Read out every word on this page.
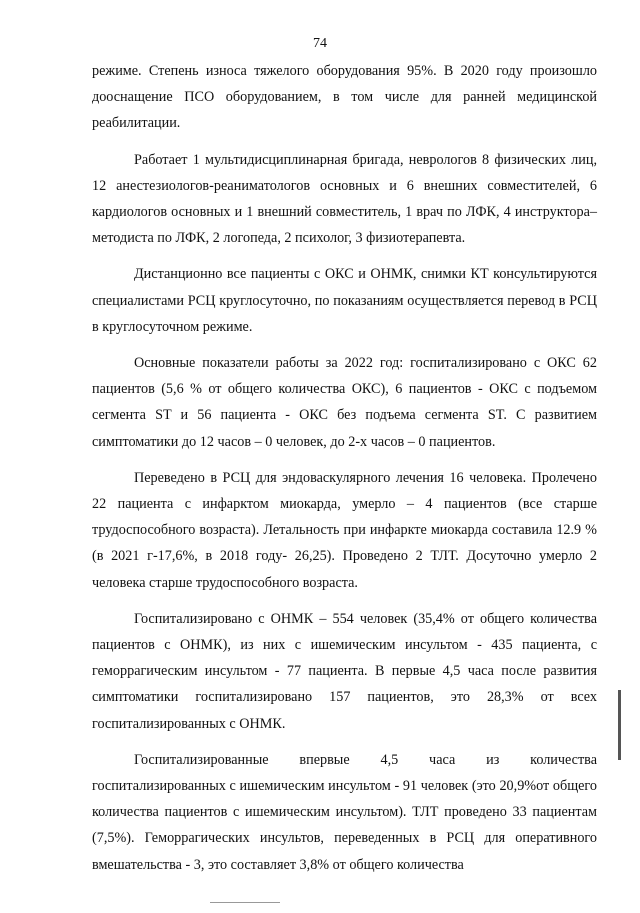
74

режиме. Степень износа тяжелого оборудования 95%. В 2020 году произошло дооснащение ПСО оборудованием, в том числе для ранней медицинской реабилитации.

Работает 1 мультидисциплинарная бригада, неврологов 8 физических лиц, 12 анестезиологов-реаниматологов основных и 6 внешних совместителей, 6 кардиологов основных и 1 внешний совместитель, 1 врач по ЛФК, 4 инструктора–методиста по ЛФК, 2 логопеда, 2 психолог, 3 физиотерапевта.

Дистанционно все пациенты с ОКС и ОНМК, снимки КТ консультируются специалистами РСЦ круглосуточно, по показаниям осуществляется перевод в РСЦ в круглосуточном режиме.

Основные показатели работы за 2022 год: госпитализировано с ОКС 62 пациентов (5,6 % от общего количества ОКС), 6 пациентов - ОКС с подъемом сегмента ST и 56 пациента - ОКС без подъема сегмента ST. С развитием симптоматики до 12 часов – 0 человек, до 2-х часов – 0 пациентов.

Переведено в РСЦ для эндоваскулярного лечения 16 человека. Пролечено 22 пациента с инфарктом миокарда, умерло – 4 пациентов (все старше трудоспособного возраста). Летальность при инфаркте миокарда составила 12.9 % (в 2021 г-17,6%, в 2018 году- 26,25). Проведено 2 ТЛТ. Досуточно умерло 2 человека старше трудоспособного возраста.

Госпитализировано с ОНМК – 554 человек (35,4% от общего количества пациентов с ОНМК), из них с ишемическим инсультом - 435 пациента, с геморрагическим инсультом - 77 пациента. В первые 4,5 часа после развития симптоматики госпитализировано 157 пациентов, это 28,3% от всех госпитализированных с ОНМК.

Госпитализированные впервые 4,5 часа из количества госпитализированных с ишемическим инсультом - 91 человек (это 20,9%от общего количества пациентов с ишемическим инсультом). ТЛТ проведено 33 пациентам (7,5%). Геморрагических инсультов, переведенных в РСЦ для оперативного вмешательства - 3, это составляет 3,8% от общего количества
